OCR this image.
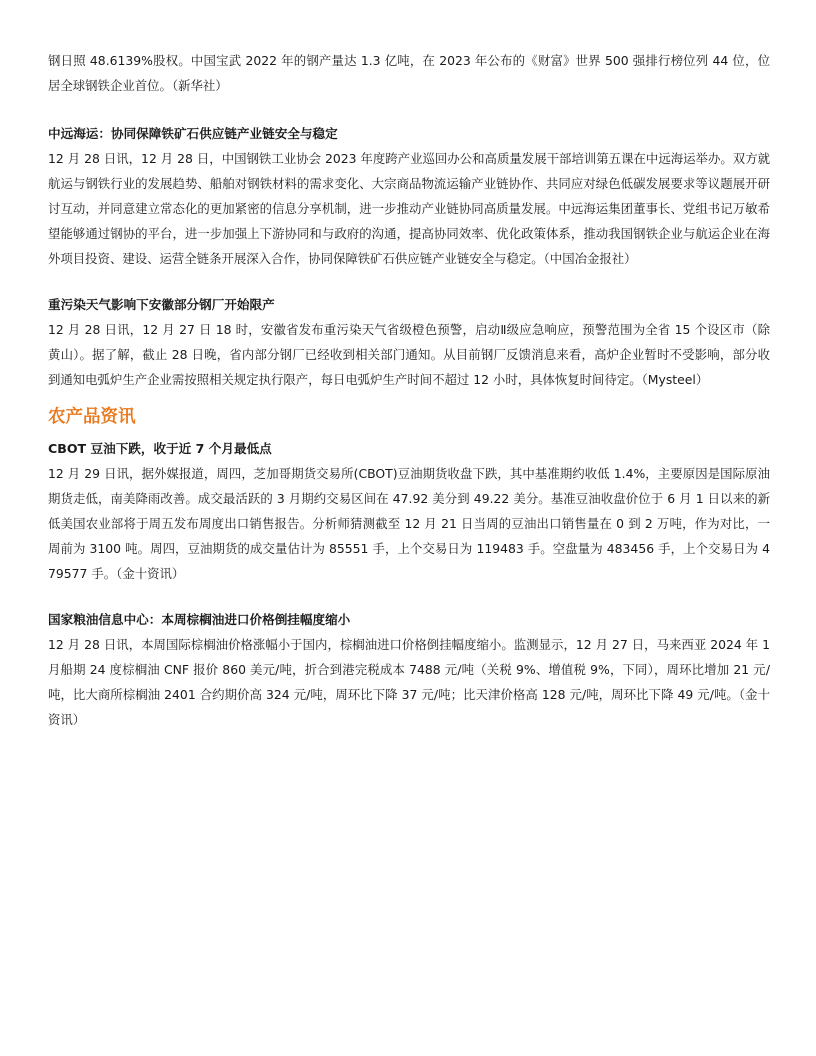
钢日照 48.6139%股权。中国宝武 2022 年的钢产量达 1.3 亿吨，在 2023 年公布的《财富》世界 500 强排行榜位列 44 位，位居全球钢铁企业首位。（新华社）

中远海运：协同保障铁矿石供应链产业链安全与稳定

12 月 28 日讯，12 月 28 日，中国钢铁工业协会 2023 年度跨产业巡回办公和高质量发展干部培训第五课在中远海运举办。双方就航运与钢铁行业的发展趋势、船舶对钢铁材料的需求变化、大宗商品物流运输产业链协作、共同应对绿色低碳发展要求等议题展开研讨互动，并同意建立常态化的更加紧密的信息分享机制，进一步推动产业链协同高质量发展。中远海运集团董事长、党组书记万敏希望能够通过钢协的平台，进一步加强上下游协同和与政府的沟通，提高协同效率、优化政策体系，推动我国钢铁企业与航运企业在海外项目投资、建设、运营全链条开展深入合作，协同保障铁矿石供应链产业链安全与稳定。（中国冶金报社）

重污染天气影响下安徽部分钢厂开始限产

12 月 28 日讯，12 月 27 日 18 时，安徽省发布重污染天气省级橙色预警，启动Ⅱ级应急响应，预警范围为全省 15 个设区市（除黄山）。据了解，截止 28 日晚，省内部分钢厂已经收到相关部门通知。从目前钢厂反馈消息来看，高炉企业暂时不受影响，部分收到通知电弧炉生产企业需按照相关规定执行限产，每日电弧炉生产时间不超过 12 小时，具体恢复时间待定。（Mysteel）

农产品资讯
CBOT 豆油下跌，收于近 7 个月最低点

12 月 29 日讯，据外媒报道，周四，芝加哥期货交易所(CBOT)豆油期货收盘下跌，其中基准期约收低 1.4%，主要原因是国际原油期货走低，南美降雨改善。成交最活跃的 3 月期约交易区间在 47.92 美分到 49.22 美分。基准豆油收盘价位于 6 月 1 日以来的新低美国农业部将于周五发布周度出口销售报告。分析师猜测截至 12 月 21 日当周的豆油出口销售量在 0 到 2 万吨，作为对比，一周前为 3100 吨。周四，豆油期货的成交量估计为 85551 手，上个交易日为 119483 手。空盘量为 483456 手，上个交易日为 479577 手。（金十资讯）

国家粮油信息中心：本周棕榈油进口价格倒挂幅度缩小

12 月 28 日讯，本周国际棕榈油价格涨幅小于国内，棕榈油进口价格倒挂幅度缩小。监测显示，12 月 27 日，马来西亚 2024 年 1 月船期 24 度棕榈油 CNF 报价 860 美元/吨，折合到港完税成本 7488 元/吨（关税 9%、增值税 9%，下同），周环比增加 21 元/吨，比大商所棕榈油 2401 合约期价高 324 元/吨，周环比下降 37 元/吨；比天津价格高 128 元/吨，周环比下降 49 元/吨。（金十资讯）
